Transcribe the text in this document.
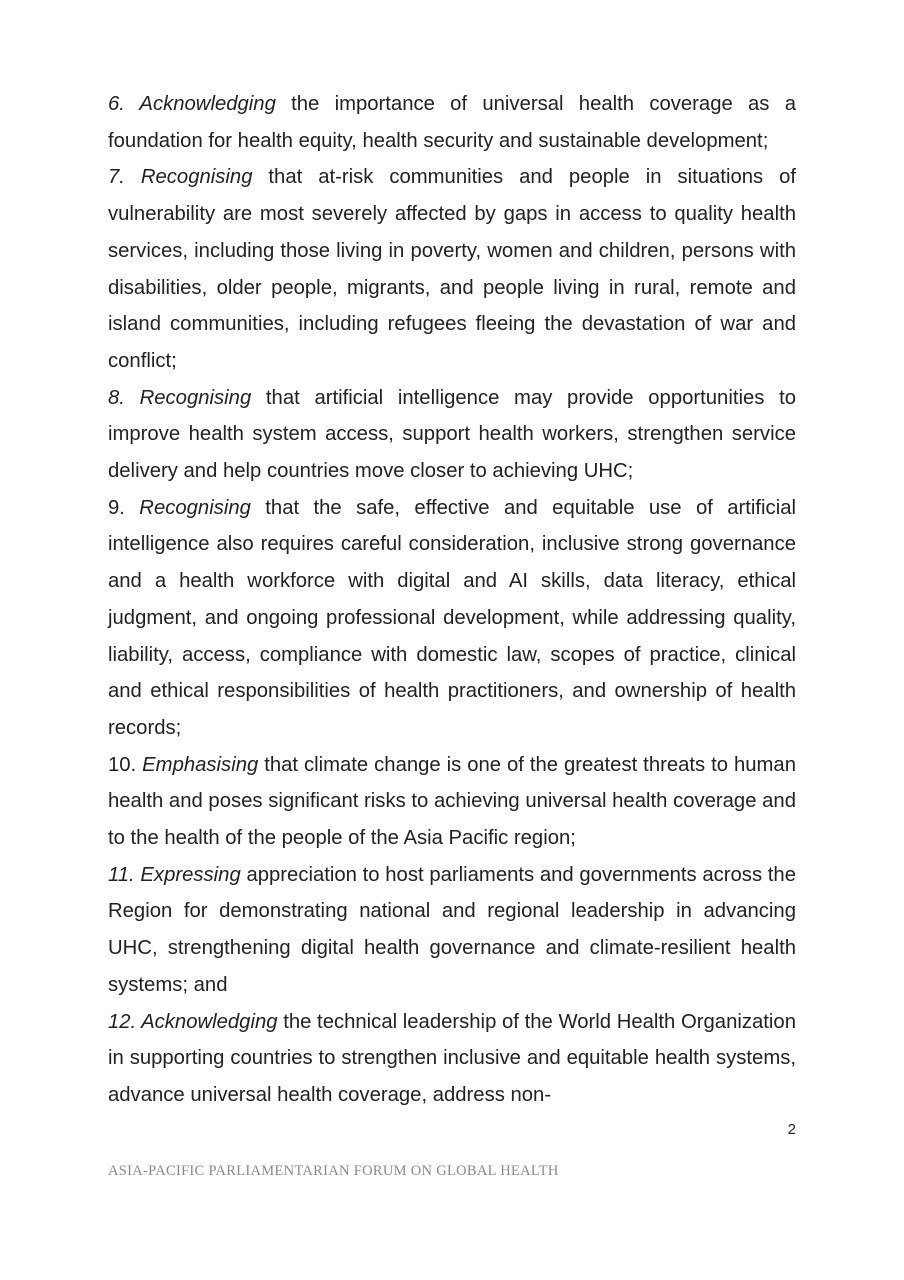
6. Acknowledging the importance of universal health coverage as a foundation for health equity, health security and sustainable development;

7. Recognising that at-risk communities and people in situations of vulnerability are most severely affected by gaps in access to quality health services, including those living in poverty, women and children, persons with disabilities, older people, migrants, and people living in rural, remote and island communities, including refugees fleeing the devastation of war and conflict;

8. Recognising that artificial intelligence may provide opportunities to improve health system access, support health workers, strengthen service delivery and help countries move closer to achieving UHC;

9. Recognising that the safe, effective and equitable use of artificial intelligence also requires careful consideration, inclusive strong governance and a health workforce with digital and AI skills, data literacy, ethical judgment, and ongoing professional development, while addressing quality, liability, access, compliance with domestic law, scopes of practice, clinical and ethical responsibilities of health practitioners, and ownership of health records;

10. Emphasising that climate change is one of the greatest threats to human health and poses significant risks to achieving universal health coverage and to the health of the people of the Asia Pacific region;

11. Expressing appreciation to host parliaments and governments across the Region for demonstrating national and regional leadership in advancing UHC, strengthening digital health governance and climate-resilient health systems; and

12. Acknowledging the technical leadership of the World Health Organization in supporting countries to strengthen inclusive and equitable health systems, advance universal health coverage, address non-

2
ASIA-PACIFIC PARLIAMENTARIAN FORUM ON GLOBAL HEALTH
